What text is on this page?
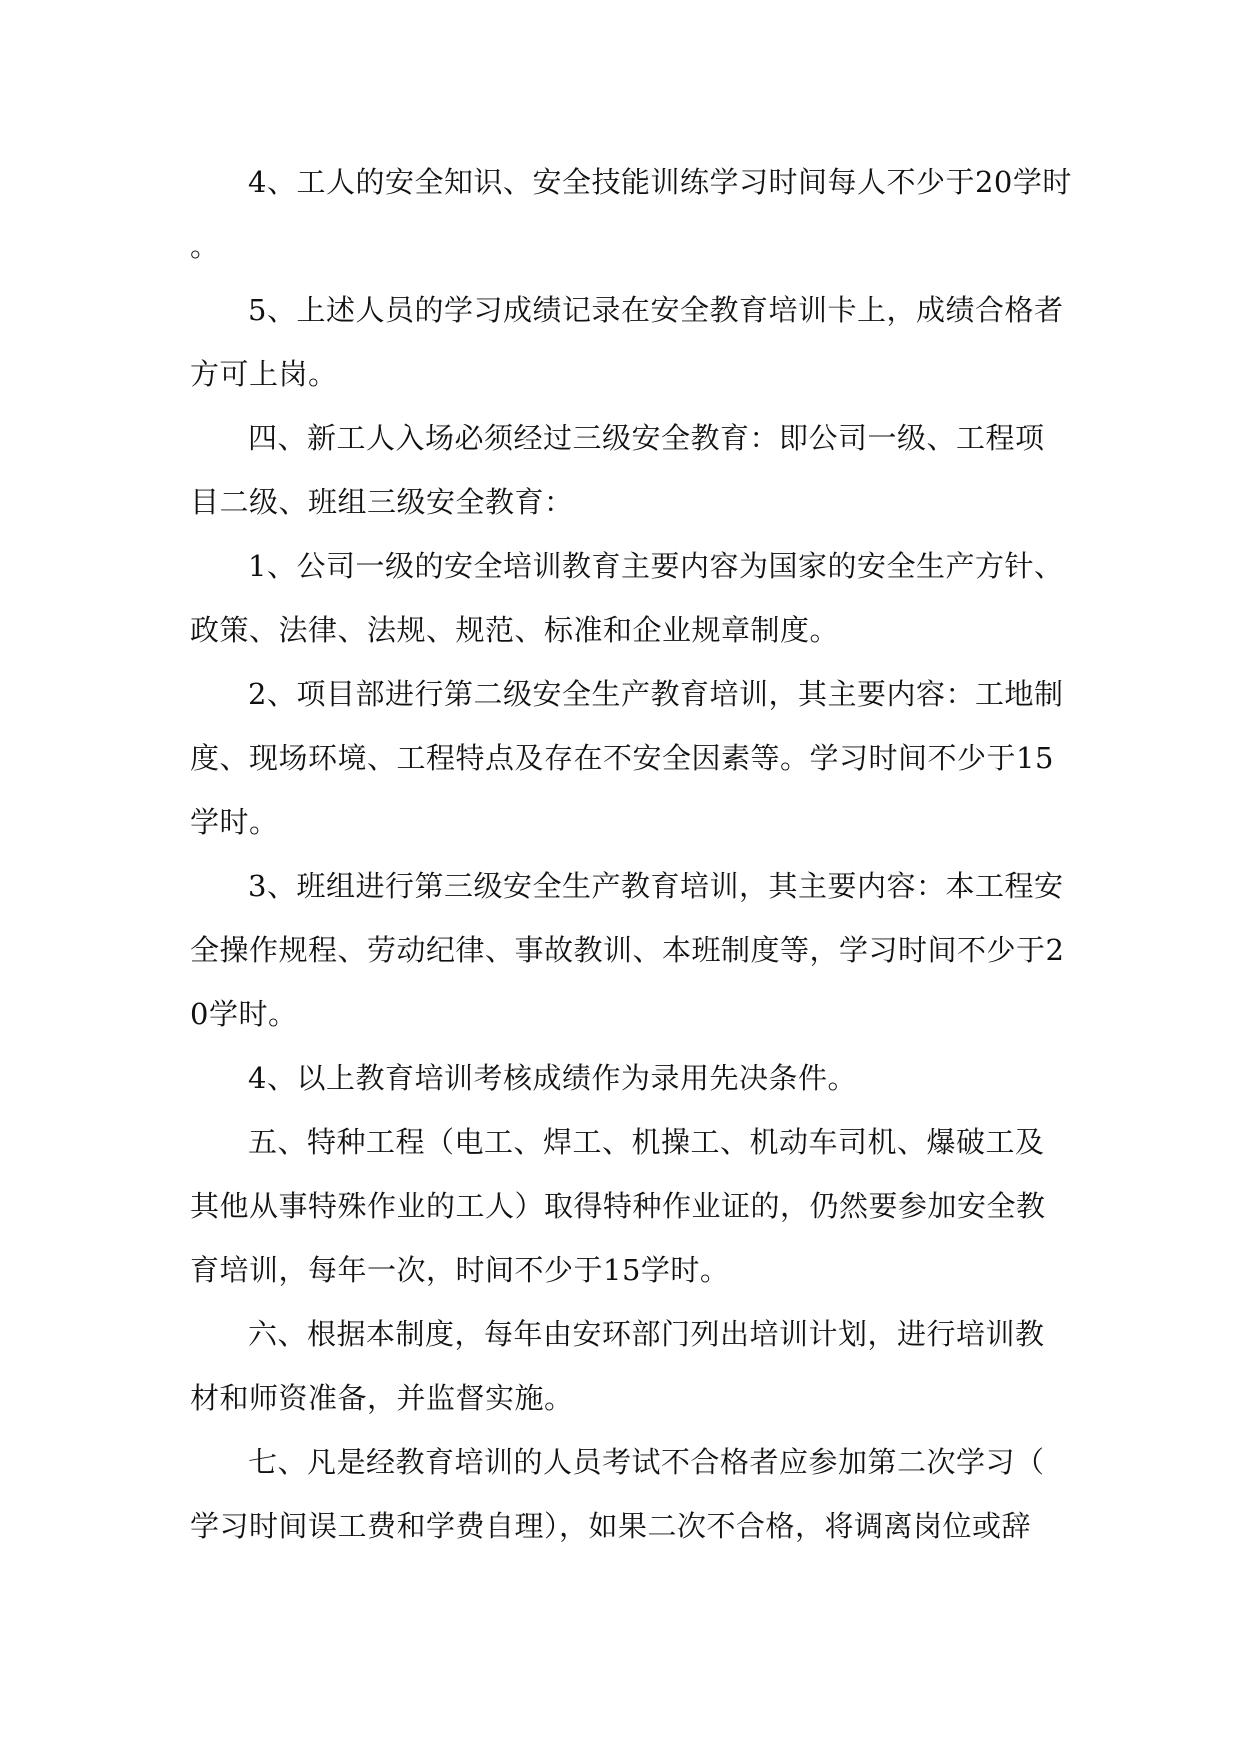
4、工人的安全知识、安全技能训练学习时间每人不少于20学时
。

5、上述人员的学习成绩记录在安全教育培训卡上，成绩合格者
方可上岗。

四、新工人入场必须经过三级安全教育：即公司一级、工程项
目二级、班组三级安全教育：

1、公司一级的安全培训教育主要内容为国家的安全生产方针、
政策、法律、法规、规范、标准和企业规章制度。

2、项目部进行第二级安全生产教育培训，其主要内容：工地制
度、现场环境、工程特点及存在不安全因素等。学习时间不少于15
学时。

3、班组进行第三级安全生产教育培训，其主要内容：本工程安
全操作规程、劳动纪律、事故教训、本班制度等，学习时间不少于2
0学时。

4、以上教育培训考核成绩作为录用先决条件。

五、特种工程（电工、焊工、机操工、机动车司机、爆破工及
其他从事特殊作业的工人）取得特种作业证的，仍然要参加安全教
育培训，每年一次，时间不少于15学时。

六、根据本制度，每年由安环部门列出培训计划，进行培训教
材和师资准备，并监督实施。

七、凡是经教育培训的人员考试不合格者应参加第二次学习（
学习时间误工费和学费自理），如果二次不合格，将调离岗位或辞
